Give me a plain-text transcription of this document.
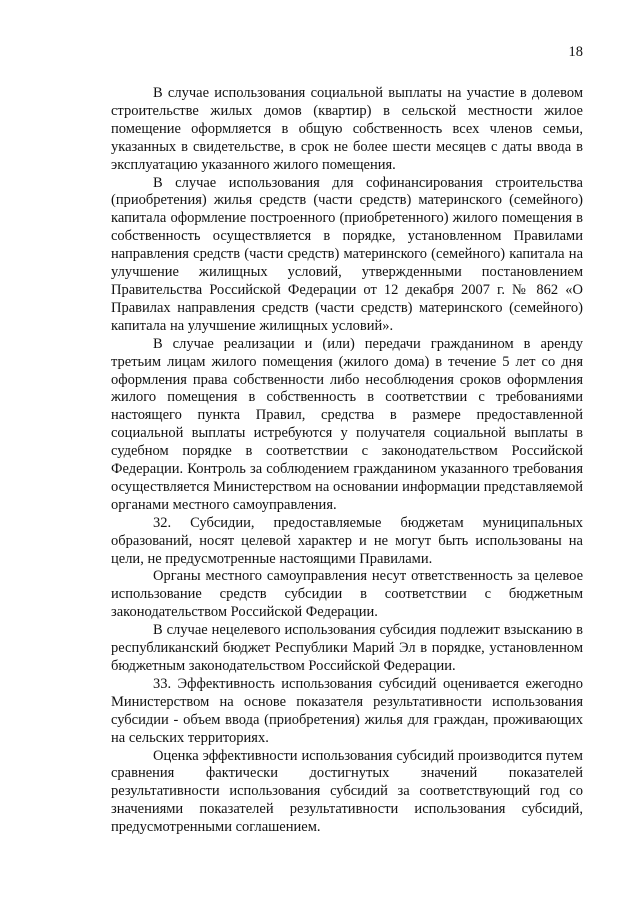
18

В случае использования социальной выплаты на участие в долевом строительстве жилых домов (квартир) в сельской местности жилое помещение оформляется в общую собственность всех членов семьи, указанных в свидетельстве, в срок не более шести месяцев с даты ввода в эксплуатацию указанного жилого помещения.

В случае использования для софинансирования строительства (приобретения) жилья средств (части средств) материнского (семейного) капитала оформление построенного (приобретенного) жилого помещения в собственность осуществляется в порядке, установленном Правилами направления средств (части средств) материнского (семейного) капитала на улучшение жилищных условий, утвержденными постановлением Правительства Российской Федерации от 12 декабря 2007 г. № 862 «О Правилах направления средств (части средств) материнского (семейного) капитала на улучшение жилищных условий».

В случае реализации и (или) передачи гражданином в аренду третьим лицам жилого помещения (жилого дома) в течение 5 лет со дня оформления права собственности либо несоблюдения сроков оформления жилого помещения в собственность в соответствии с требованиями настоящего пункта Правил, средства в размере предоставленной социальной выплаты истребуются у получателя социальной выплаты в судебном порядке в соответствии с законодательством Российской Федерации. Контроль за соблюдением гражданином указанного требования осуществляется Министерством на основании информации представляемой органами местного самоуправления.

32. Субсидии, предоставляемые бюджетам муниципальных образований, носят целевой характер и не могут быть использованы на цели, не предусмотренные настоящими Правилами.

Органы местного самоуправления несут ответственность за целевое использование средств субсидии в соответствии с бюджетным законодательством Российской Федерации.

В случае нецелевого использования субсидия подлежит взысканию в республиканский бюджет Республики Марий Эл в порядке, установленном бюджетным законодательством Российской Федерации.

33. Эффективность использования субсидий оценивается ежегодно Министерством на основе показателя результативности использования субсидии - объем ввода (приобретения) жилья для граждан, проживающих на сельских территориях.

Оценка эффективности использования субсидий производится путем сравнения фактически достигнутых значений показателей результативности использования субсидий за соответствующий год со значениями показателей результативности использования субсидий, предусмотренными соглашением.
